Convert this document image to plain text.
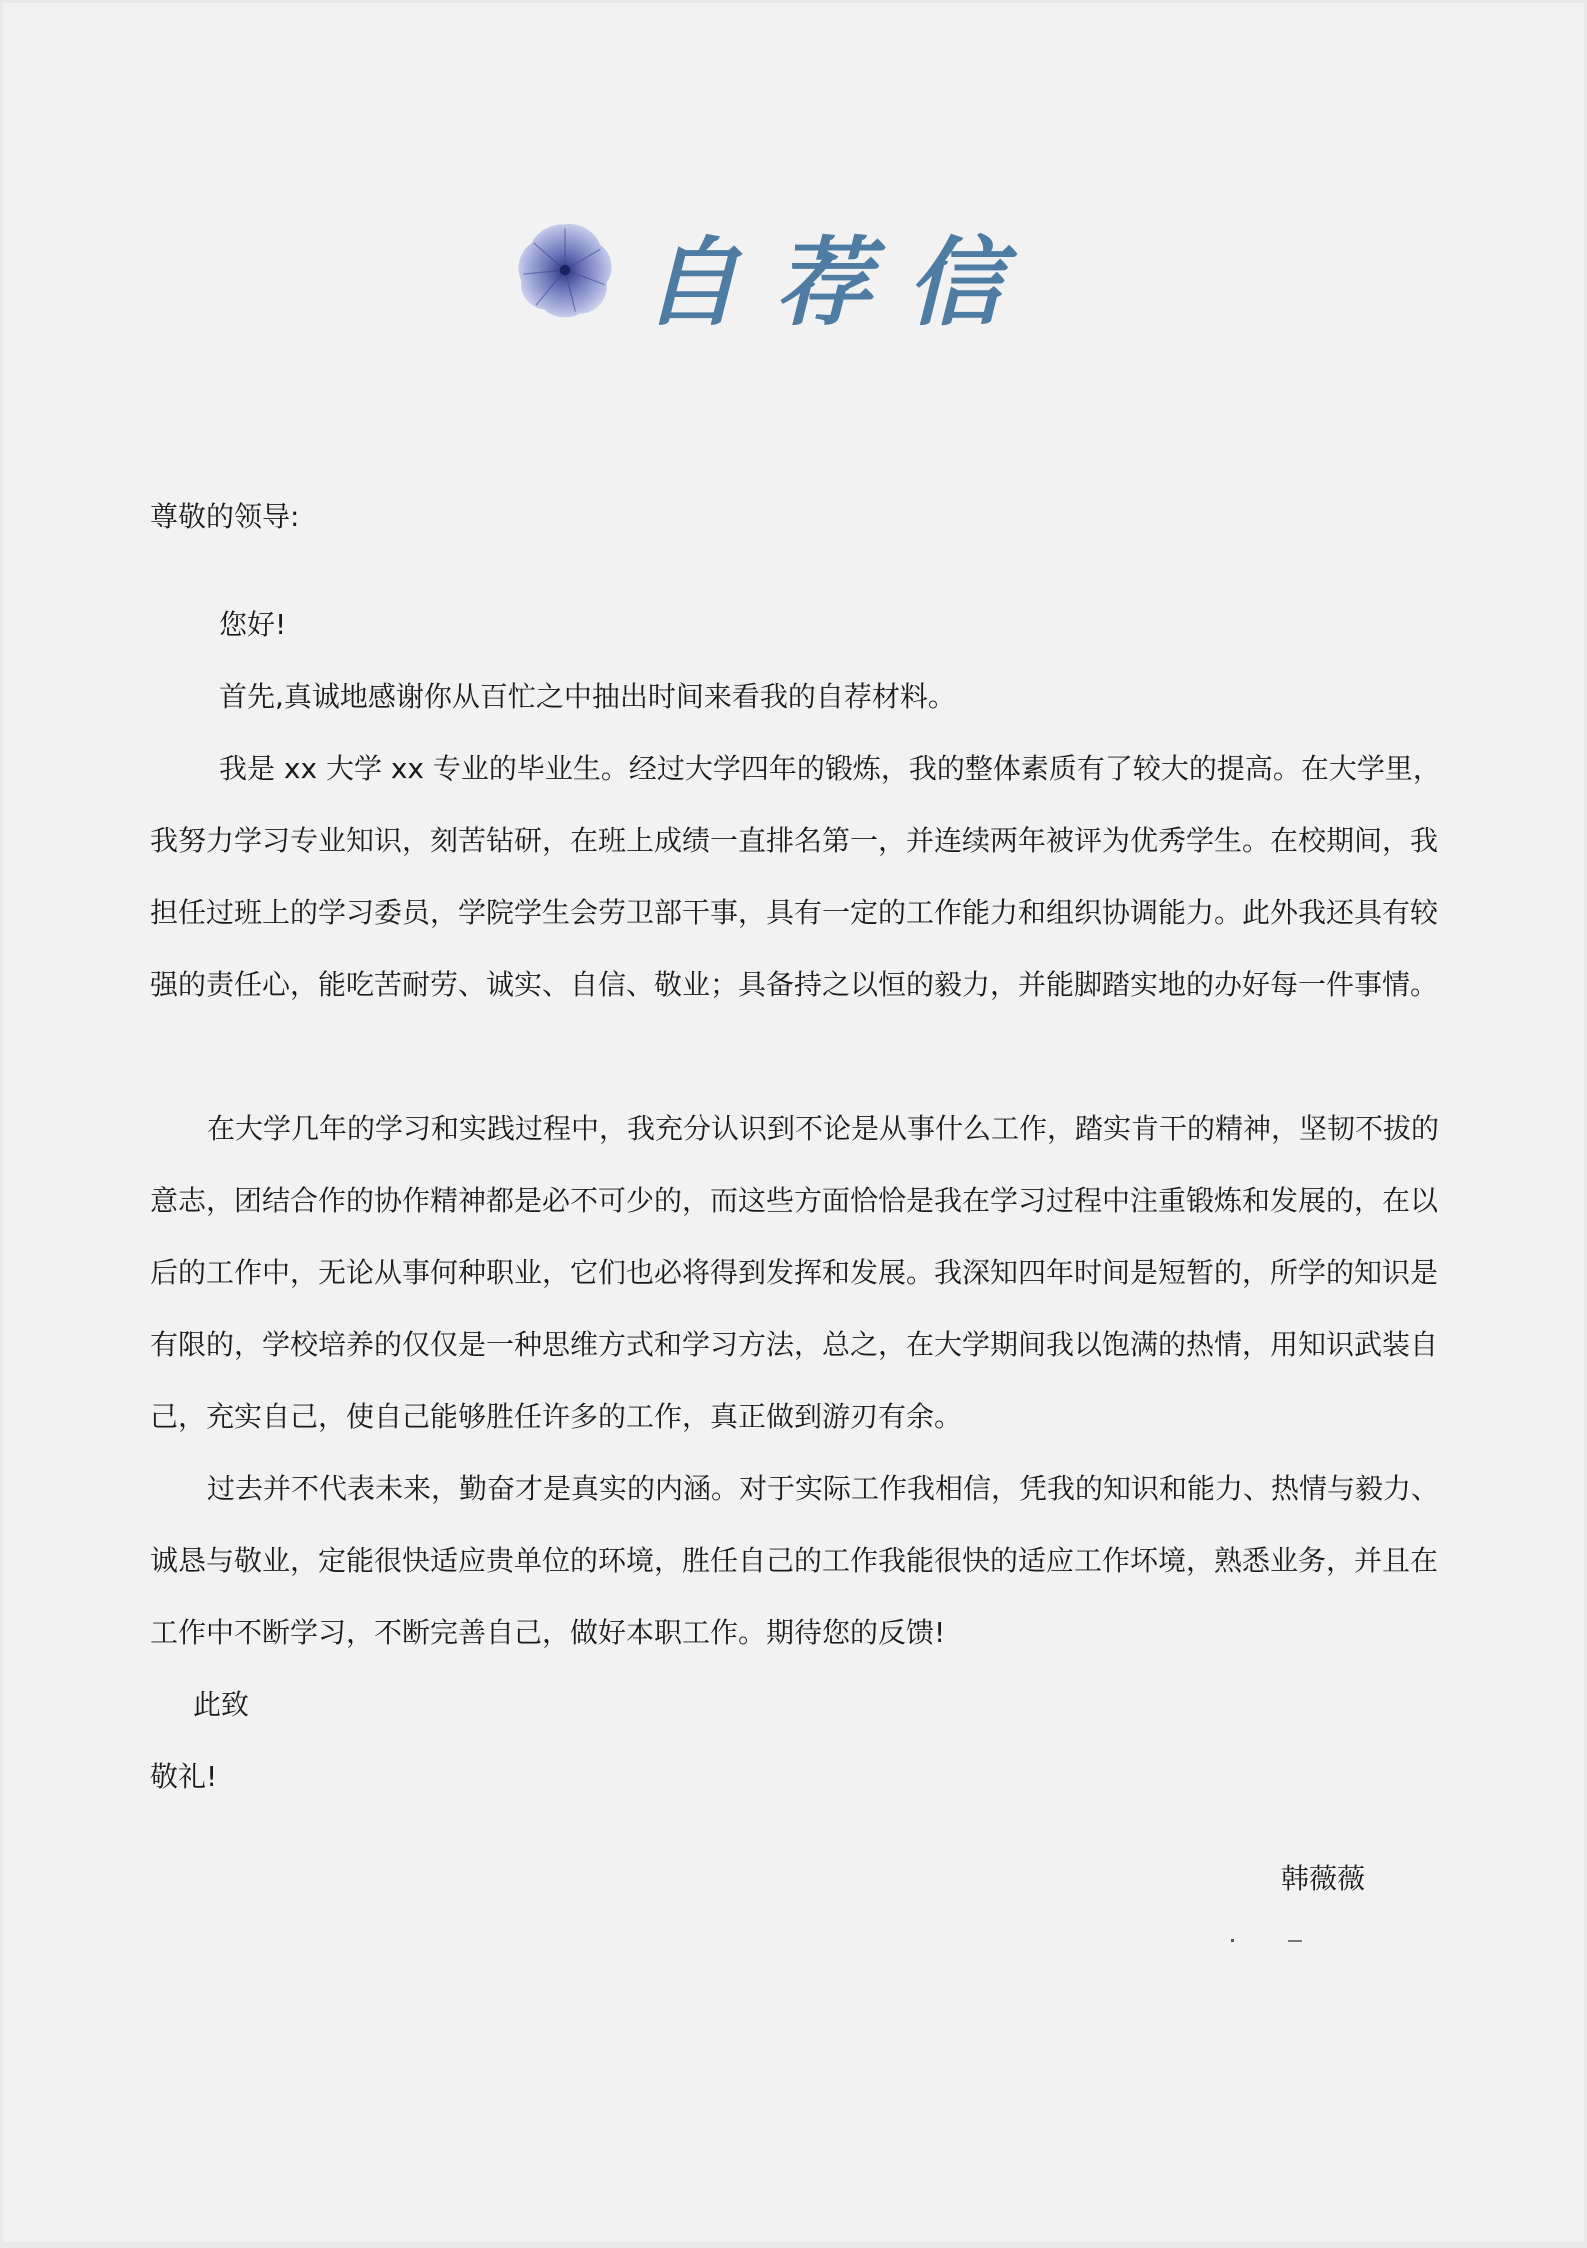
自荐信

尊敬的领导:

您好!

首先,真诚地感谢你从百忙之中抽出时间来看我的自荐材料。

我是 xx 大学 xx 专业的毕业生。经过大学四年的锻炼，我的整体素质有了较大的提高。在大学里，

我努力学习专业知识，刻苦钻研，在班上成绩一直排名第一，并连续两年被评为优秀学生。在校期间，我

担任过班上的学习委员，学院学生会劳卫部干事，具有一定的工作能力和组织协调能力。此外我还具有较

强的责任心，能吃苦耐劳、诚实、自信、敬业；具备持之以恒的毅力，并能脚踏实地的办好每一件事情。

在大学几年的学习和实践过程中，我充分认识到不论是从事什么工作，踏实肯干的精神，坚韧不拔的

意志，团结合作的协作精神都是必不可少的，而这些方面恰恰是我在学习过程中注重锻炼和发展的，在以

后的工作中，无论从事何种职业，它们也必将得到发挥和发展。我深知四年时间是短暂的，所学的知识是

有限的，学校培养的仅仅是一种思维方式和学习方法，总之，在大学期间我以饱满的热情，用知识武装自

己，充实自己，使自己能够胜任许多的工作，真正做到游刃有余。

过去并不代表未来，勤奋才是真实的内涵。对于实际工作我相信，凭我的知识和能力、热情与毅力、

诚恳与敬业，定能很快适应贵单位的环境，胜任自己的工作我能很快的适应工作坏境，熟悉业务，并且在

工作中不断学习，不断完善自己，做好本职工作。期待您的反馈!

此致

敬礼!

韩薇薇
